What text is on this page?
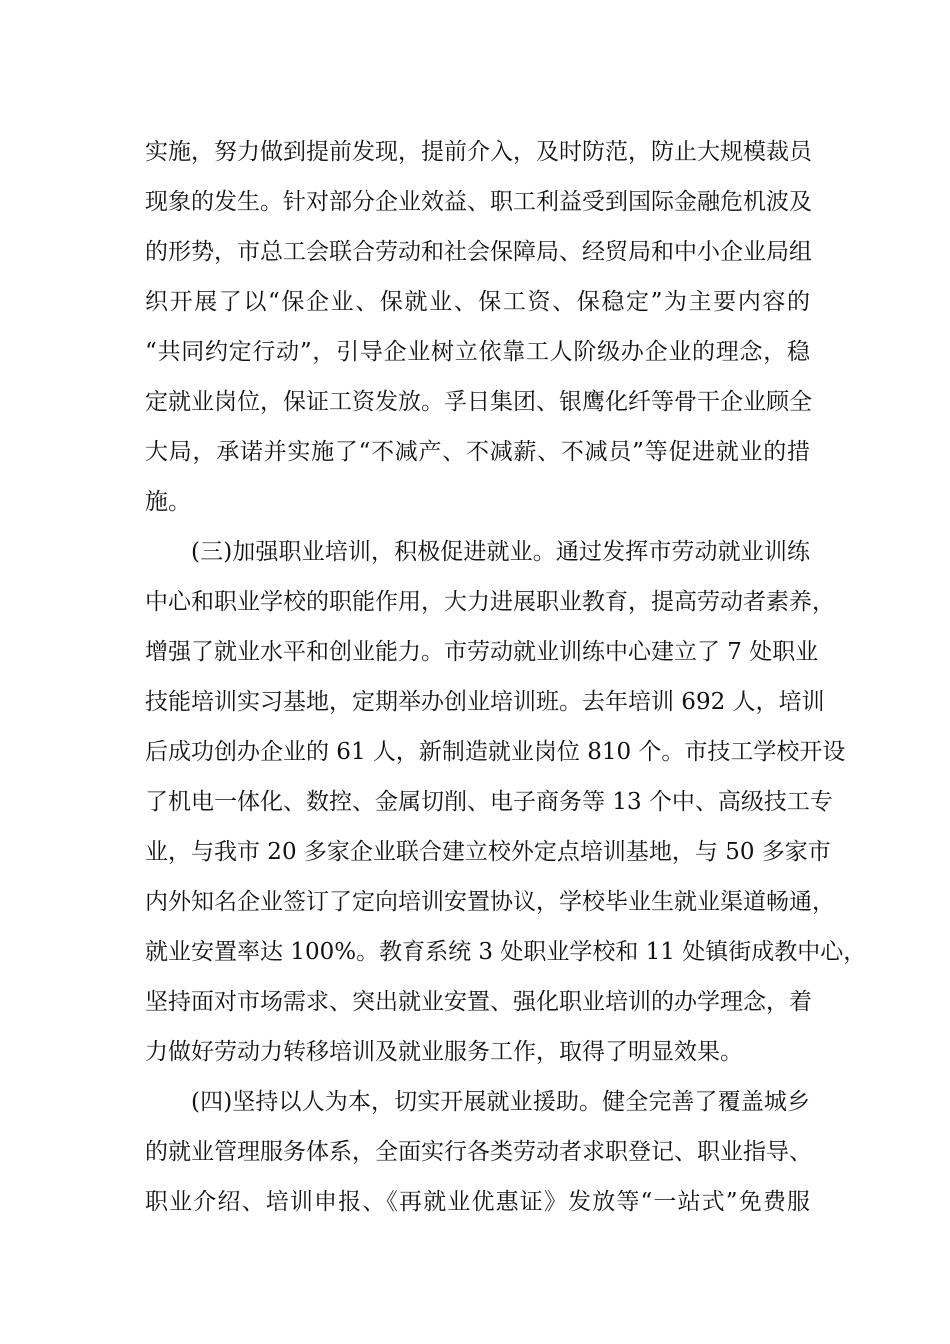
实施，努力做到提前发现，提前介入，及时防范，防止大规模裁员
现象的发生。针对部分企业效益、职工利益受到国际金融危机波及
的形势，市总工会联合劳动和社会保障局、经贸局和中小企业局组
织开展了以“保企业、保就业、保工资、保稳定”为主要内容的
“共同约定行动”，引导企业树立依靠工人阶级办企业的理念，稳
定就业岗位，保证工资发放。孚日集团、银鹰化纤等骨干企业顾全
大局，承诺并实施了“不减产、不减薪、不减员”等促进就业的措
施。
(三)加强职业培训，积极促进就业。通过发挥市劳动就业训练
中心和职业学校的职能作用，大力进展职业教育，提高劳动者素养，
增强了就业水平和创业能力。市劳动就业训练中心建立了 7 处职业
技能培训实习基地，定期举办创业培训班。去年培训 692 人，培训
后成功创办企业的 61 人，新制造就业岗位 810 个。市技工学校开设
了机电一体化、数控、金属切削、电子商务等 13 个中、高级技工专
业，与我市 20 多家企业联合建立校外定点培训基地，与 50 多家市
内外知名企业签订了定向培训安置协议，学校毕业生就业渠道畅通，
就业安置率达 100%。教育系统 3 处职业学校和 11 处镇街成教中心，
坚持面对市场需求、突出就业安置、强化职业培训的办学理念，着
力做好劳动力转移培训及就业服务工作，取得了明显效果。
(四)坚持以人为本，切实开展就业援助。健全完善了覆盖城乡
的就业管理服务体系，全面实行各类劳动者求职登记、职业指导、
职业介绍、培训申报、《再就业优惠证》发放等“一站式”免费服
